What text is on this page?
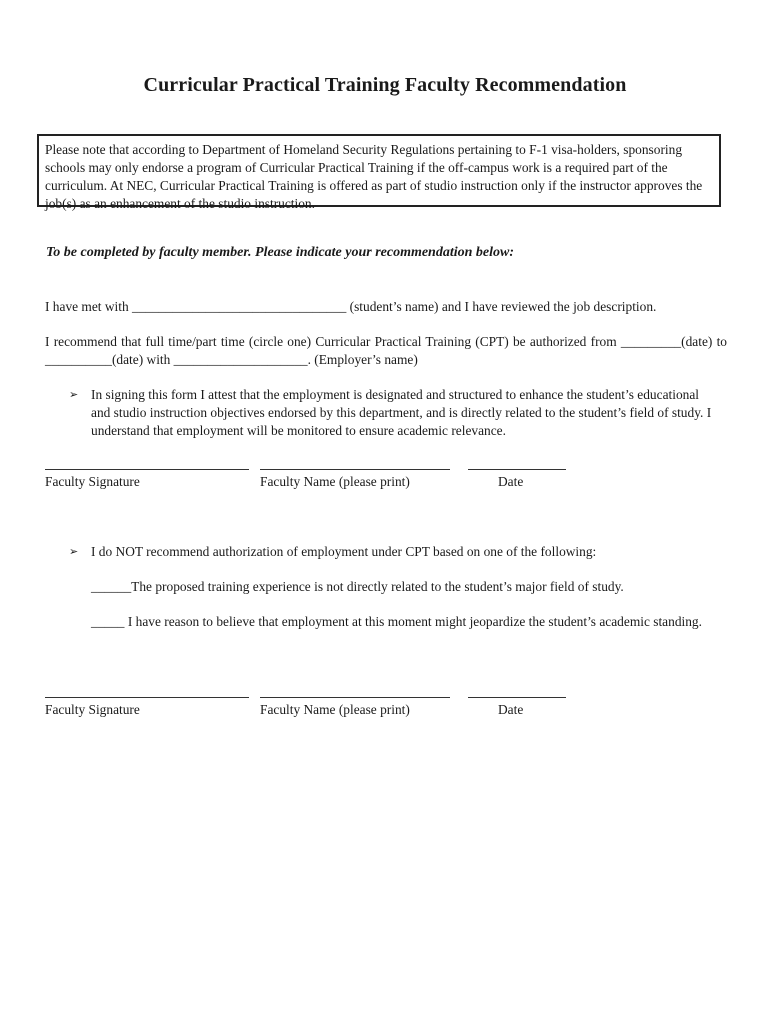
Curricular Practical Training Faculty Recommendation
Please note that according to Department of Homeland Security Regulations pertaining to F-1 visa-holders, sponsoring schools may only endorse a program of Curricular Practical Training if the off-campus work is a required part of the curriculum. At NEC, Curricular Practical Training is offered as part of studio instruction only if the instructor approves the job(s) as an enhancement of the studio instruction.
To be completed by faculty member. Please indicate your recommendation below:
I have met with ________________________________ (student’s name) and I have reviewed the job description.
I recommend that full time/part time (circle one) Curricular Practical Training (CPT) be authorized from _________(date) to __________(date) with ____________________. (Employer’s name)
➢ In signing this form I attest that the employment is designated and structured to enhance the student’s educational and studio instruction objectives endorsed by this department, and is directly related to the student’s field of study. I understand that employment will be monitored to ensure academic relevance.
Faculty Signature	Faculty Name (please print)	Date
➢ I do NOT recommend authorization of employment under CPT based on one of the following:
______The proposed training experience is not directly related to the student’s major field of study.
_____ I have reason to believe that employment at this moment might jeopardize the student’s academic standing.
Faculty Signature	Faculty Name (please print)	Date
